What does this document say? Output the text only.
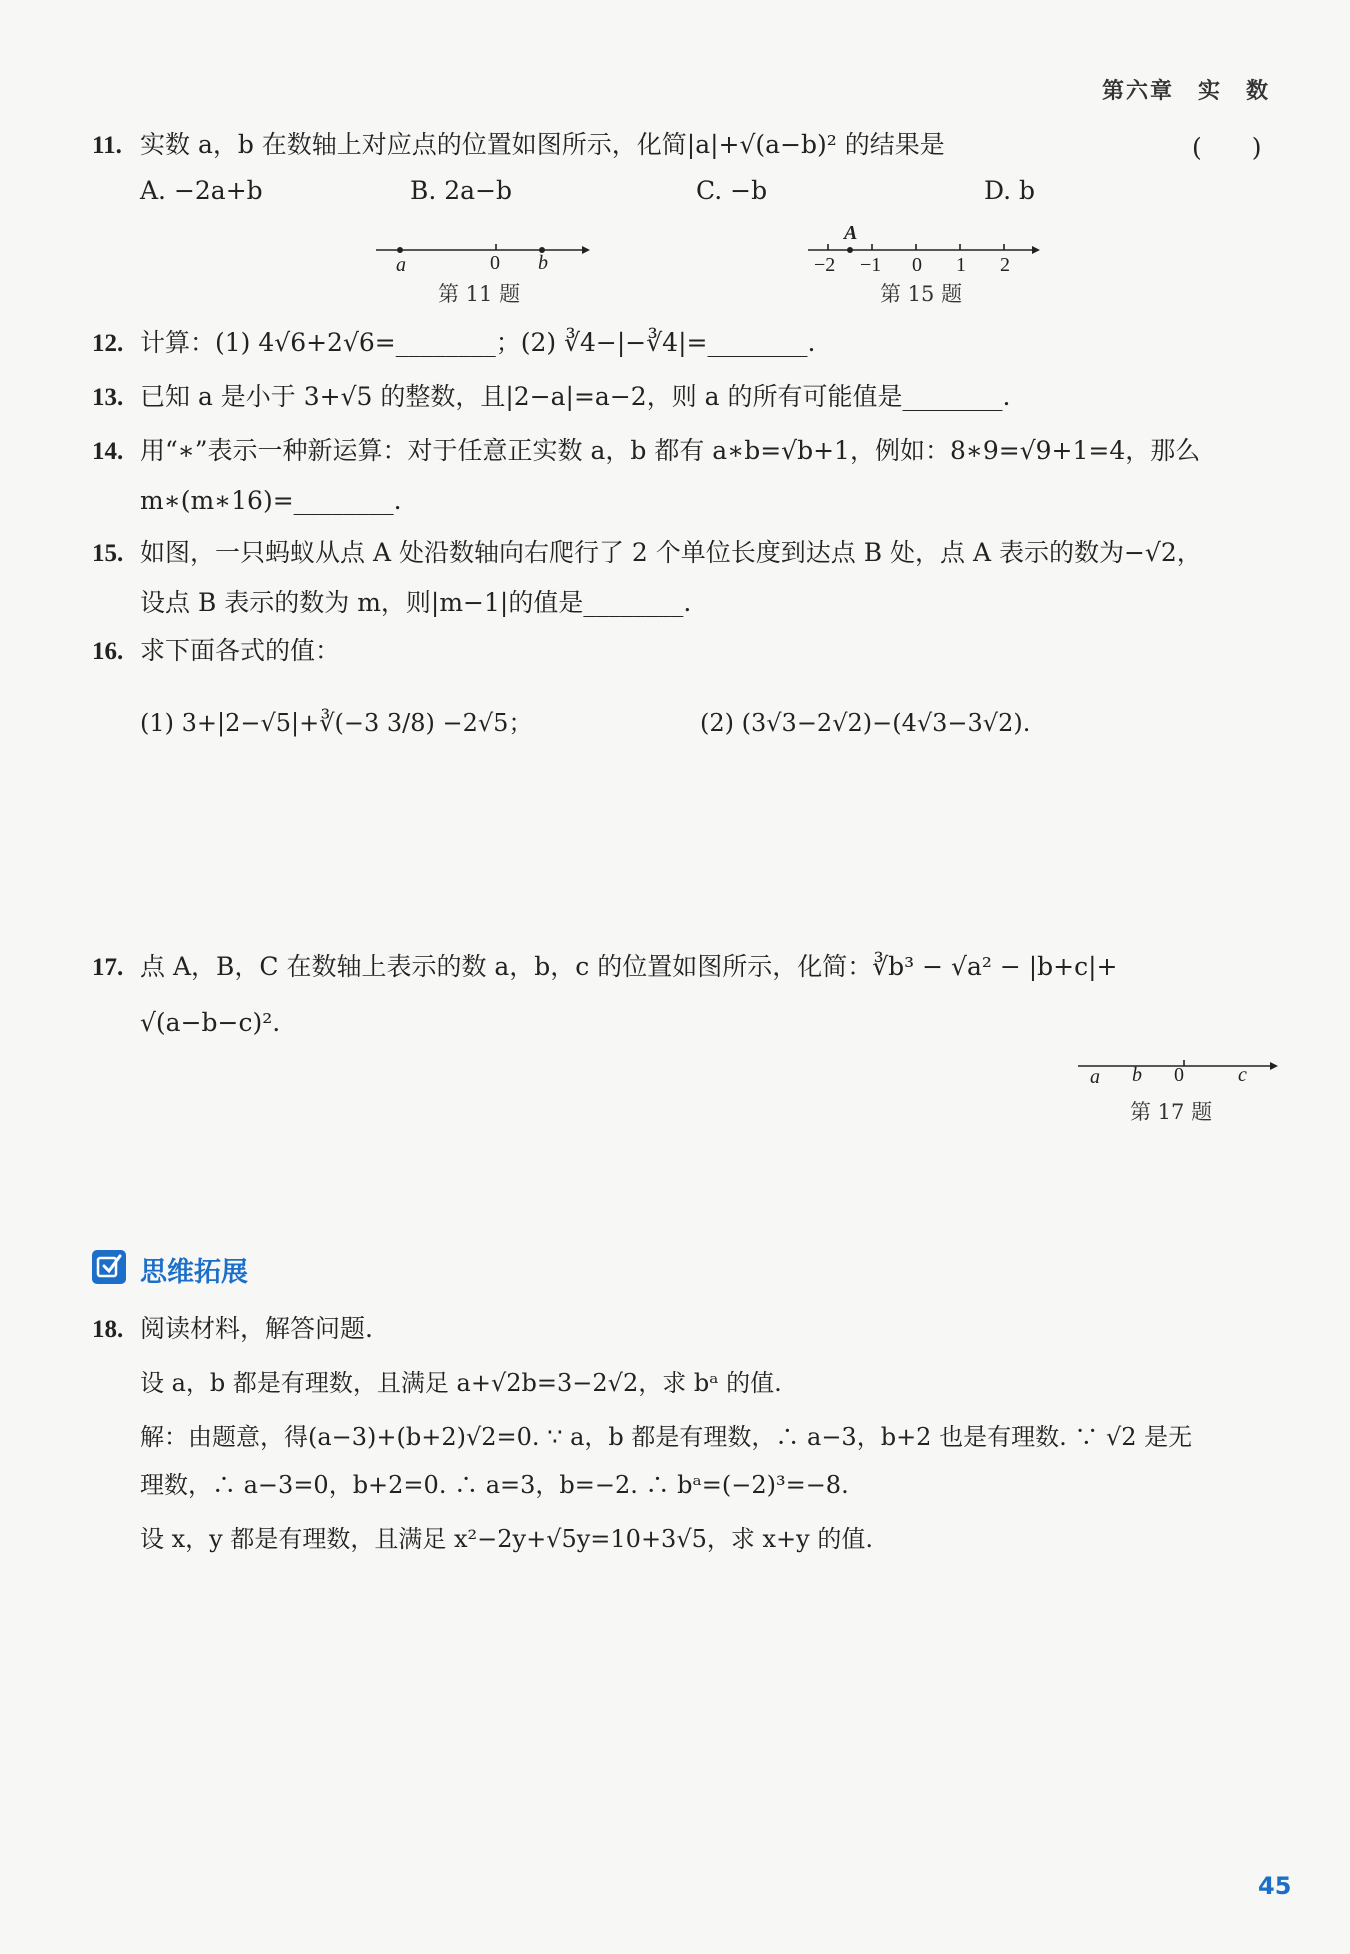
第六章　实　数
11. 实数 a，b 在数轴上对应点的位置如图所示，化简|a|+√(a−b)² 的结果是	(　　)
A. −2a+b	B. 2a−b	C. −b	D. b
a	0 b
第 11 题
A
−2 −1 0 1 2
第 15 题
12. 计算：(1) 4√6+2√6=________；(2) ∛4−|−∛4|=________.
13. 已知 a 是小于 3+√5 的整数，且|2−a|=a−2，则 a 的所有可能值是________.
14. 用“∗”表示一种新运算：对于任意正实数 a，b 都有 a∗b=√b+1，例如：8∗9=√9+1=4，那么
m∗(m∗16)=________.
15. 如图，一只蚂蚁从点 A 处沿数轴向右爬行了 2 个单位长度到达点 B 处，点 A 表示的数为−√2，
设点 B 表示的数为 m，则|m−1|的值是________.
16. 求下面各式的值：
(1) 3+|2−√5|+∛(−3 3/8) −2√5；	(2) (3√3−2√2)−(4√3−3√2).
17. 点 A，B，C 在数轴上表示的数 a，b，c 的位置如图所示，化简：∛b³ − √a² − |b+c|+
√(a−b−c)².
a b 0	c
第 17 题
思维拓展
18. 阅读材料，解答问题.
设 a，b 都是有理数，且满足 a+√2b=3−2√2，求 bᵃ 的值.
解：由题意，得(a−3)+(b+2)√2=0. ∵ a，b 都是有理数，∴ a−3，b+2 也是有理数. ∵ √2 是无
理数，∴ a−3=0，b+2=0. ∴ a=3，b=−2. ∴ bᵃ=(−2)³=−8.
设 x，y 都是有理数，且满足 x²−2y+√5y=10+3√5，求 x+y 的值.
45
